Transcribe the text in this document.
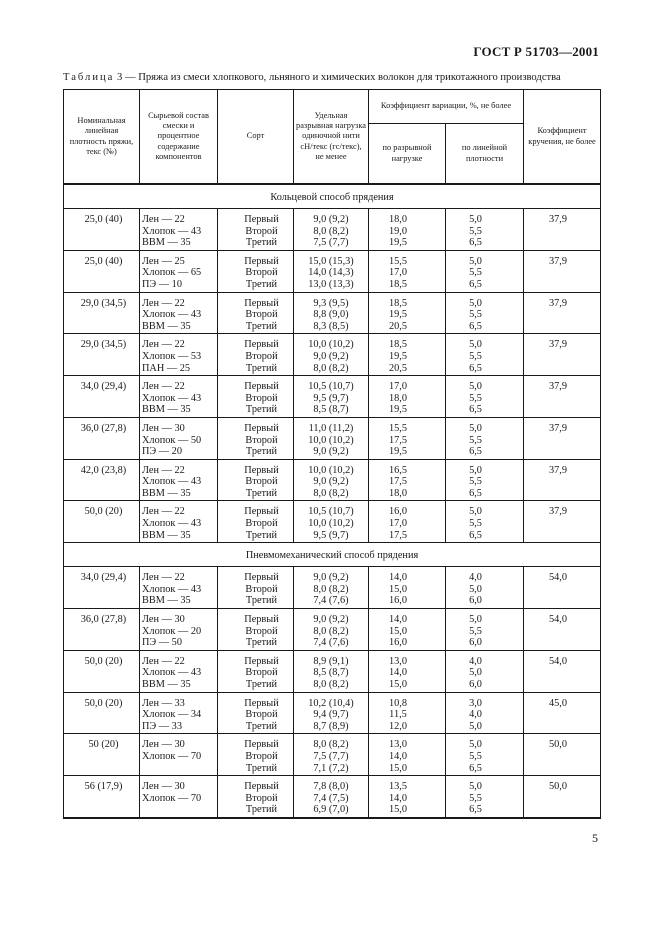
ГОСТ Р 51703—2001
Таблица 3 — Пряжа из смеси хлопкового, льняного и химических волокон для трикотажного производства
Номинальная линейная плотность пряжи, текс (№)	Сырьевой состав смески и процентное содержание компонентов	Сорт	Удельная разрывная нагрузка одиночной нити сН/текс (гс/текс), не менее	Коэффициент вариации, %, не более		Коэффициент кручения, не более
				по разрывной нагрузке	по линейной плотности	
Кольцевой способ прядения						
25,0 (40)	Лен — 22
Хлопок — 43
ВВМ — 35	Первый
Второй
Третий	9,0 (9,2)
8,0 (8,2)
7,5 (7,7)	18,0
19,0
19,5	5,0
5,5
6,5	37,9
25,0 (40)	Лен — 25
Хлопок — 65
ПЭ — 10	Первый
Второй
Третий	15,0 (15,3)
14,0 (14,3)
13,0 (13,3)	15,5
17,0
18,5	5,0
5,5
6,5	37,9
29,0 (34,5)	Лен — 22
Хлопок — 43
ВВМ — 35	Первый
Второй
Третий	9,3 (9,5)
8,8 (9,0)
8,3 (8,5)	18,5
19,5
20,5	5,0
5,5
6,5	37,9
29,0 (34,5)	Лен — 22
Хлопок — 53
ПАН — 25	Первый
Второй
Третий	10,0 (10,2)
9,0 (9,2)
8,0 (8,2)	18,5
19,5
20,5	5,0
5,5
6,5	37,9
34,0 (29,4)	Лен — 22
Хлопок — 43
ВВМ — 35	Первый
Второй
Третий	10,5 (10,7)
9,5 (9,7)
8,5 (8,7)	17,0
18,0
19,5	5,0
5,5
6,5	37,9
36,0 (27,8)	Лен — 30
Хлопок — 50
ПЭ — 20	Первый
Второй
Третий	11,0 (11,2)
10,0 (10,2)
9,0 (9,2)	15,5
17,5
19,5	5,0
5,5
6,5	37,9
42,0 (23,8)	Лен — 22
Хлопок — 43
ВВМ — 35	Первый
Второй
Третий	10,0 (10,2)
9,0 (9,2)
8,0 (8,2)	16,5
17,5
18,0	5,0
5,5
6,5	37,9
50,0 (20)	Лен — 22
Хлопок — 43
ВВМ — 35	Первый
Второй
Третий	10,5 (10,7)
10,0 (10,2)
9,5 (9,7)	16,0
17,0
17,5	5,0
5,5
6,5	37,9
Пневмомеханический способ прядения						
34,0 (29,4)	Лен — 22
Хлопок — 43
ВВМ — 35	Первый
Второй
Третий	9,0 (9,2)
8,0 (8,2)
7,4 (7,6)	14,0
15,0
16,0	4,0
5,0
6,0	54,0
36,0 (27,8)	Лен — 30
Хлопок — 20
ПЭ — 50	Первый
Второй
Третий	9,0 (9,2)
8,0 (8,2)
7,4 (7,6)	14,0
15,0
16,0	5,0
5,5
6,0	54,0
50,0 (20)	Лен — 22
Хлопок — 43
ВВМ — 35	Первый
Второй
Третий	8,9 (9,1)
8,5 (8,7)
8,0 (8,2)	13,0
14,0
15,0	4,0
5,0
6,0	54,0
50,0 (20)	Лен — 33
Хлопок — 34
ПЭ — 33	Первый
Второй
Третий	10,2 (10,4)
9,4 (9,7)
8,7 (8,9)	10,8
11,5
12,0	3,0
4,0
5,0	45,0
50 (20)	Лен — 30
Хлопок — 70	Первый
Второй
Третий	8,0 (8,2)
7,5 (7,7)
7,1 (7,2)	13,0
14,0
15,0	5,0
5,5
6,5	50,0
56 (17,9)	Лен — 30
Хлопок — 70	Первый
Второй
Третий	7,8 (8,0)
7,4 (7,5)
6,9 (7,0)	13,5
14,0
15,0	5,0
5,5
6,5	50,0
5
